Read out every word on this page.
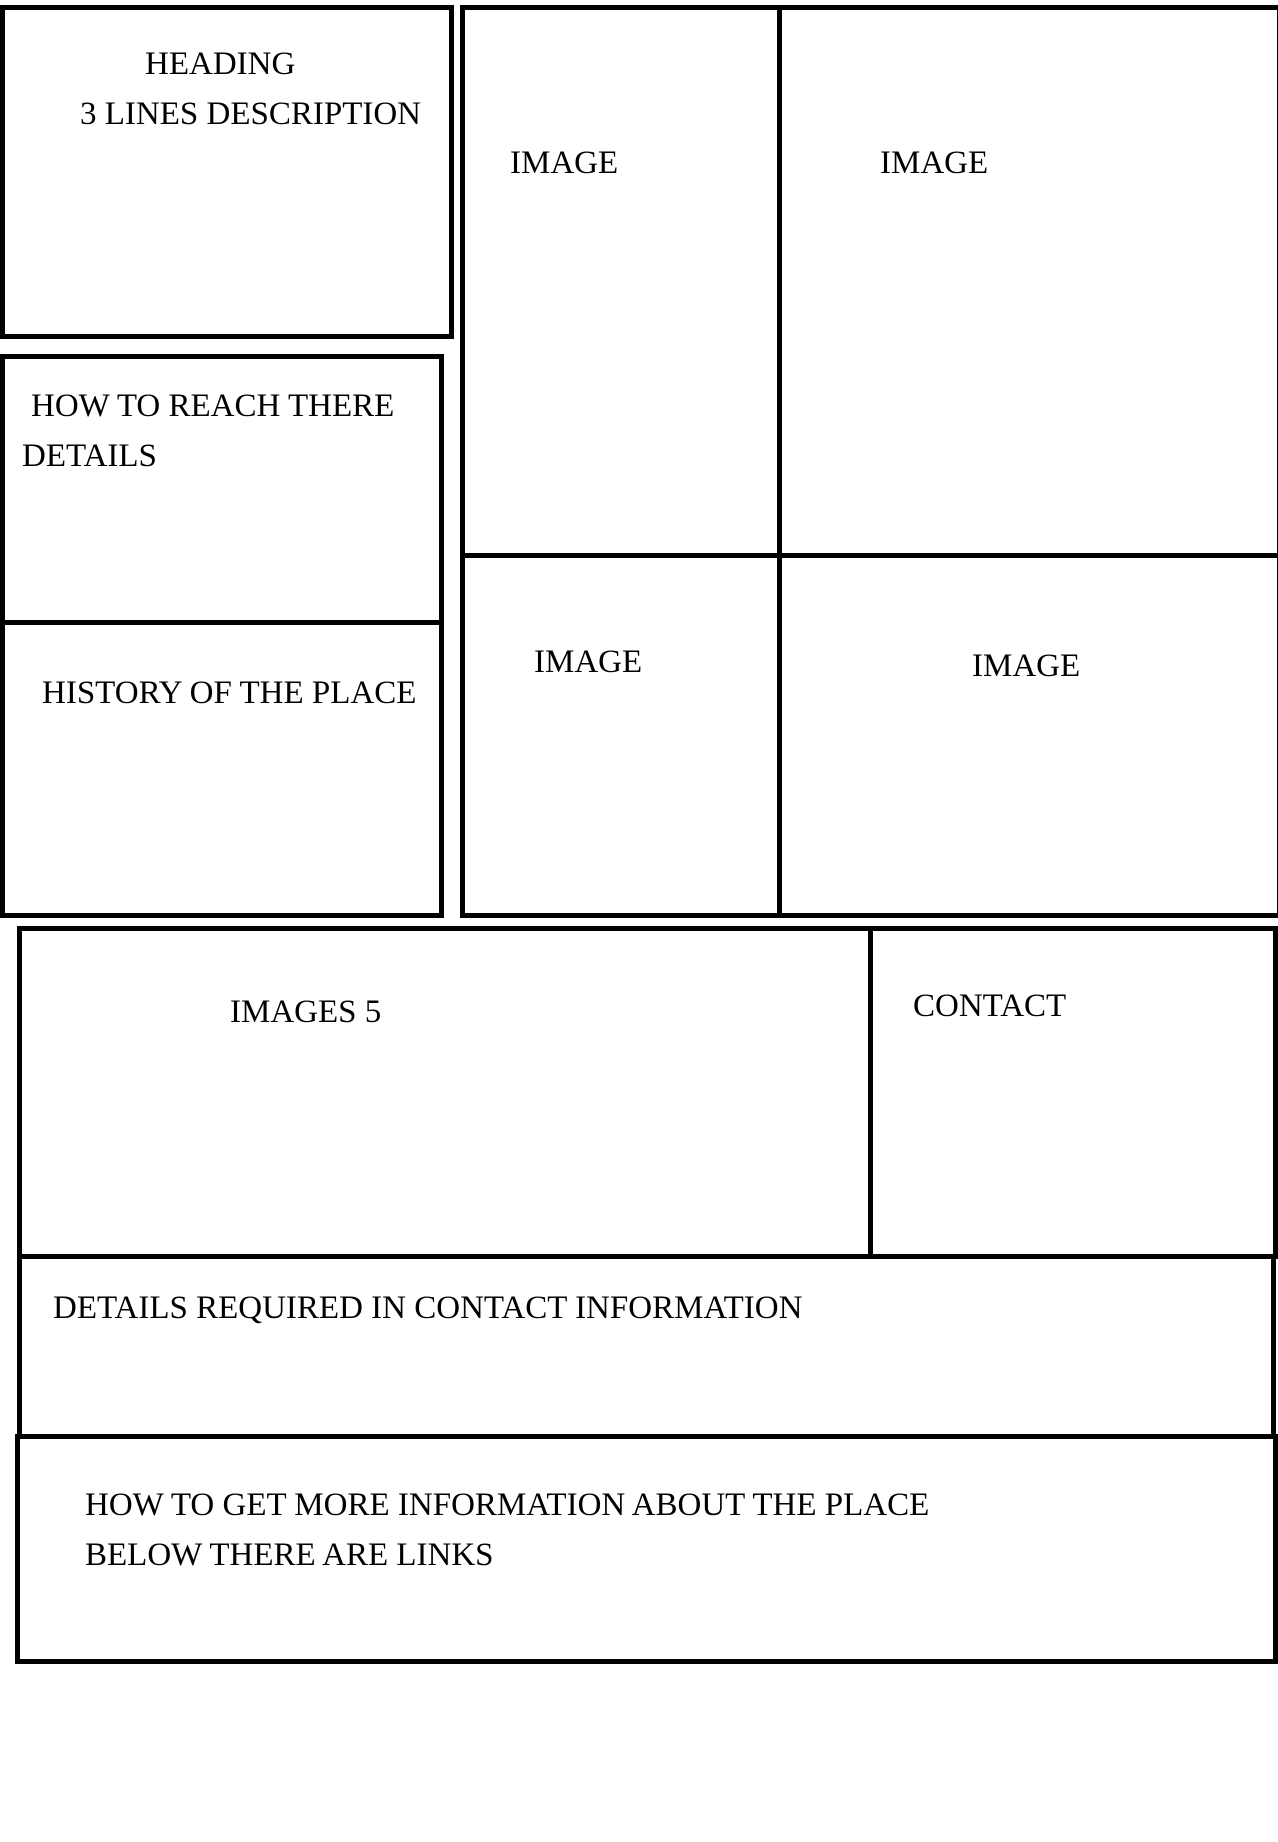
HEADING
3 LINES DESCRIPTION
HOW TO REACH THERE
DETAILS
HISTORY OF THE PLACE
IMAGE	IMAGE
IMAGE	IMAGE
IMAGES 5	CONTACT
DETAILS REQUIRED IN CONTACT INFORMATION
HOW TO GET MORE INFORMATION ABOUT THE PLACE
BELOW THERE ARE LINKS
